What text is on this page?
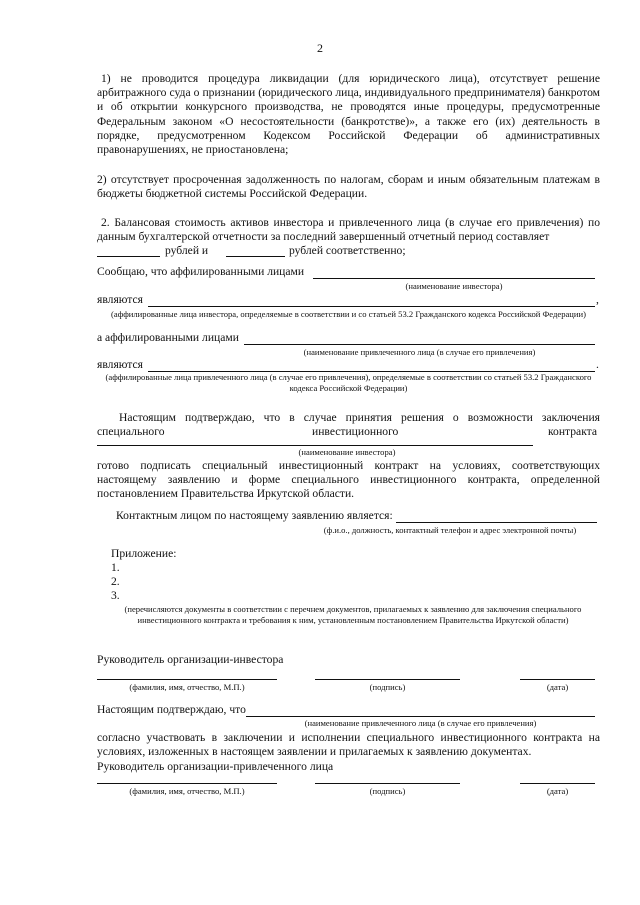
2
1) не проводится процедура ликвидации (для юридического лица), отсутствует решение арбитражного суда о признании (юридического лица, индивидуального предпринимателя) банкротом и об открытии конкурсного производства, не проводятся иные процедуры, предусмотренные Федеральным законом «О несостоятельности (банкротстве)», а также его (их) деятельность в порядке, предусмотренном Кодексом Российской Федерации об административных правонарушениях, не приостановлена;
2) отсутствует просроченная задолженность по налогам, сборам и иным обязательным платежам в бюджеты бюджетной системы Российской Федерации.
2. Балансовая стоимость активов инвестора и привлеченного лица (в случае его привлечения) по данным бухгалтерской отчетности за последний завершенный отчетный период составляет
рублей и	рублей соответственно;
Сообщаю, что аффилированными лицами
(наименование инвестора)
являются	,
(аффилированные лица инвестора, определяемые в соответствии и со статьей 53.2 Гражданского кодекса Российской Федерации)
а аффилированными лицами
(наименование привлеченного лица (в случае его привлечения)
являются	.
(аффилированные лица привлеченного лица (в случае его привлечения), определяемые в соответствии со статьей 53.2 Гражданского кодекса Российской Федерации)
Настоящим подтверждаю, что в случае принятия решения о возможности заключения
специального	инвестиционного	контракта
(наименование инвестора)
готово подписать специальный инвестиционный контракт на условиях, соответствующих настоящему заявлению и форме специального инвестиционного контракта, определенной постановлением Правительства Иркутской области.
Контактным лицом по настоящему заявлению является:
(ф.и.о., должность, контактный телефон и адрес электронной почты)
Приложение:
1.
2.
3.
(перечисляются документы в соответствии с перечнем документов, прилагаемых к заявлению для заключения специального инвестиционного контракта и требования к ним, установленным постановлением Правительства Иркутской области)
Руководитель организации-инвестора
(фамилия, имя, отчество, М.П.)	(подпись)	(дата)
Настоящим подтверждаю, что
(наименование привлеченного лица (в случае его привлечения)
согласно участвовать в заключении и исполнении специального инвестиционного контракта на условиях, изложенных в настоящем заявлении и прилагаемых к заявлению документах.
Руководитель организации-привлеченного лица
(фамилия, имя, отчество, М.П.)	(подпись)	(дата)
